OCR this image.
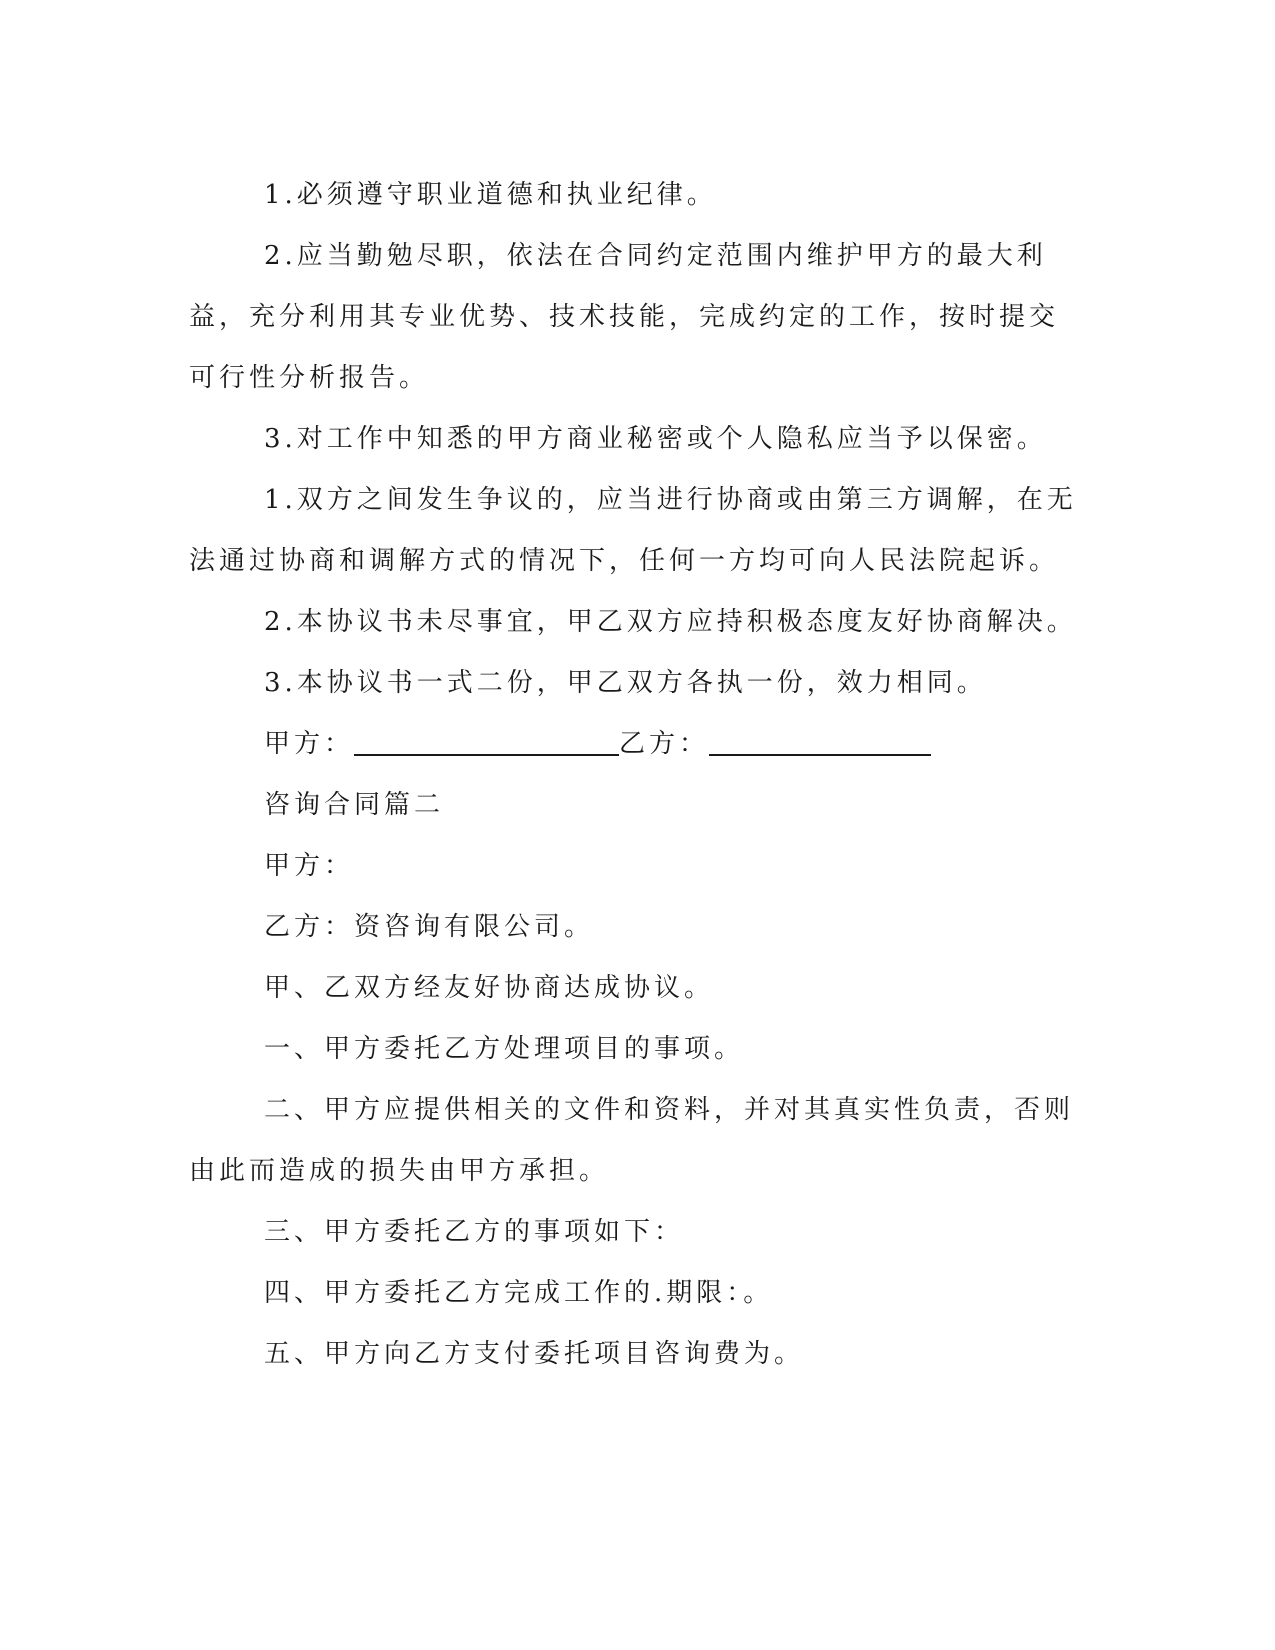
1.必须遵守职业道德和执业纪律。

2.应当勤勉尽职，依法在合同约定范围内维护甲方的最大利益，充分利用其专业优势、技术技能，完成约定的工作，按时提交可行性分析报告。

3.对工作中知悉的甲方商业秘密或个人隐私应当予以保密。

1.双方之间发生争议的，应当进行协商或由第三方调解，在无法通过协商和调解方式的情况下，任何一方均可向人民法院起诉。

2.本协议书未尽事宜，甲乙双方应持积极态度友好协商解决。

3.本协议书一式二份，甲乙双方各执一份，效力相同。

甲方：	乙方：

咨询合同篇二

甲方：

乙方：资咨询有限公司。

甲、乙双方经友好协商达成协议。

一、甲方委托乙方处理项目的事项。

二、甲方应提供相关的文件和资料，并对其真实性负责，否则由此而造成的损失由甲方承担。

三、甲方委托乙方的事项如下：

四、甲方委托乙方完成工作的.期限：。

五、甲方向乙方支付委托项目咨询费为。
